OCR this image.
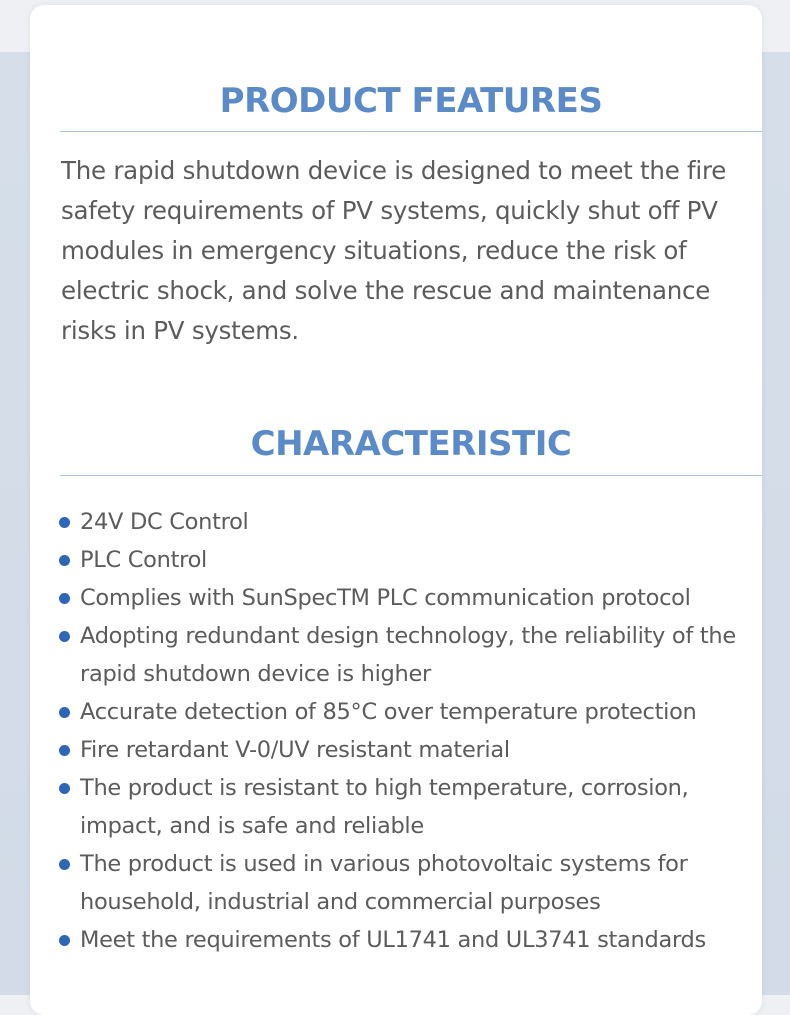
PRODUCT FEATURES

The rapid shutdown device is designed to meet the fire safety requirements of PV systems, quickly shut off PV modules in emergency situations, reduce the risk of electric shock, and solve the rescue and maintenance risks in PV systems.

CHARACTERISTIC
24V DC Control
PLC Control
Complies with SunSpecTM PLC communication protocol
Adopting redundant design technology, the reliability of the rapid shutdown device is higher
Accurate detection of 85°C over temperature protection
Fire retardant V-0/UV resistant material
The product is resistant to high temperature, corrosion, impact, and is safe and reliable
The product is used in various photovoltaic systems for household, industrial and commercial purposes
Meet the requirements of UL1741 and UL3741 standards
